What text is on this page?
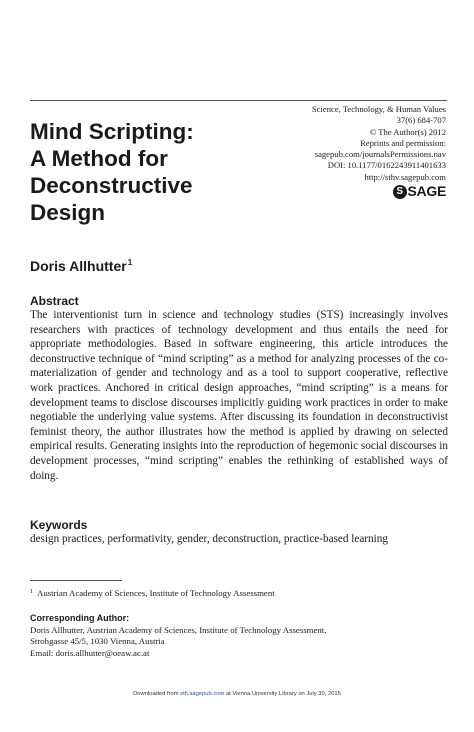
Mind Scripting:
A Method for
Deconstructive
Design
Science, Technology, & Human Values
37(6) 684-707
© The Author(s) 2012
Reprints and permission:
sagepub.com/journalsPermissions.nav
DOI: 10.1177/0162243911401633
http://sthv.sagepub.com
S SAGE
Doris Allhutter$^1$
Abstract
The interventionist turn in science and technology studies (STS) increasingly involves researchers with practices of technology development and thus entails the need for appropriate methodologies. Based in software engineering, this article introduces the deconstructive technique of “mind scripting” as a method for analyzing processes of the co-materialization of gender and technology and as a tool to support cooperative, reflective work practices. Anchored in critical design approaches, “mind scripting” is a means for development teams to disclose discourses implicitly guiding work practices in order to make negotiable the underlying value systems. After discussing its foundation in deconstructivist feminist theory, the author illustrates how the method is applied by drawing on selected empirical results. Generating insights into the reproduction of hegemonic social discourses in development processes, “mind scripting” enables the rethinking of established ways of doing.
Keywords
design practices, performativity, gender, deconstruction, practice-based learning
$^1$ Austrian Academy of Sciences, Institute of Technology Assessment
Corresponding Author:
Doris Allhutter, Austrian Academy of Sciences, Institute of Technology Assessment,
Strohgasse 45/5, 1030 Vienna, Austria
Email: doris.allhutter@oeaw.ac.at
Downloaded from sth.sagepub.com at Vienna University Library on July 30, 2015
